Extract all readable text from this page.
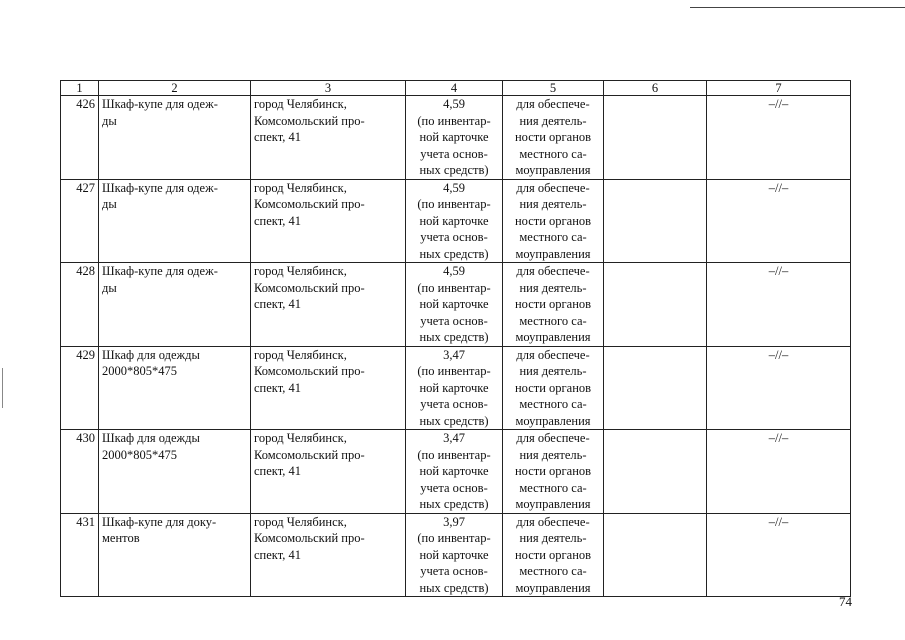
1	2	3	4	5	6	7
426	Шкаф-купе для одеж-
ды	город Челябинск,
Комсомольский про-
спект, 41	4,59
(по инвентар-
ной карточке
учета основ-
ных средств)	для обеспече-
ния деятель-
ности органов
местного са-
моуправления		–//–
427	Шкаф-купе для одеж-
ды	город Челябинск,
Комсомольский про-
спект, 41	4,59
(по инвентар-
ной карточке
учета основ-
ных средств)	для обеспече-
ния деятель-
ности органов
местного са-
моуправления		–//–
428	Шкаф-купе для одеж-
ды	город Челябинск,
Комсомольский про-
спект, 41	4,59
(по инвентар-
ной карточке
учета основ-
ных средств)	для обеспече-
ния деятель-
ности органов
местного са-
моуправления		–//–
429	Шкаф для одежды
2000*805*475	город Челябинск,
Комсомольский про-
спект, 41	3,47
(по инвентар-
ной карточке
учета основ-
ных средств)	для обеспече-
ния деятель-
ности органов
местного са-
моуправления		–//–
430	Шкаф для одежды
2000*805*475	город Челябинск,
Комсомольский про-
спект, 41	3,47
(по инвентар-
ной карточке
учета основ-
ных средств)	для обеспече-
ния деятель-
ности органов
местного са-
моуправления		–//–
431	Шкаф-купе для доку-
ментов	город Челябинск,
Комсомольский про-
спект, 41	3,97
(по инвентар-
ной карточке
учета основ-
ных средств)	для обеспече-
ния деятель-
ности органов
местного са-
моуправления		–//–
74
